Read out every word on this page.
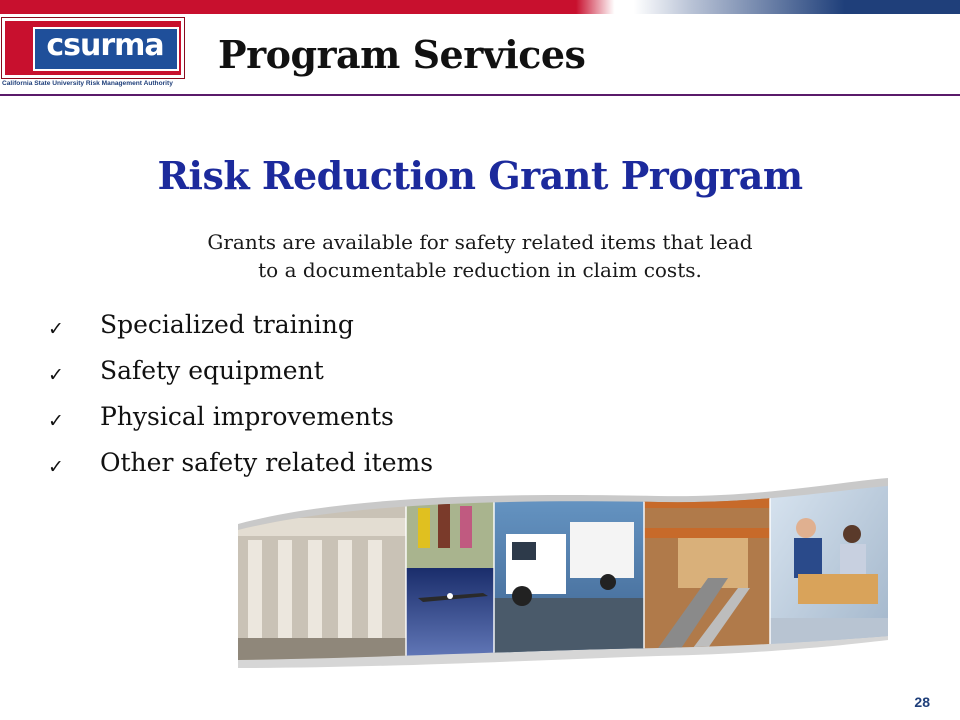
csurma
California State University Risk Management Authority
Program Services
Risk Reduction Grant Program
Grants are available for safety related items that lead
to a documentable reduction in claim costs.
✓ Specialized training
✓ Safety equipment
✓ Physical improvements
✓ Other safety related items
28
